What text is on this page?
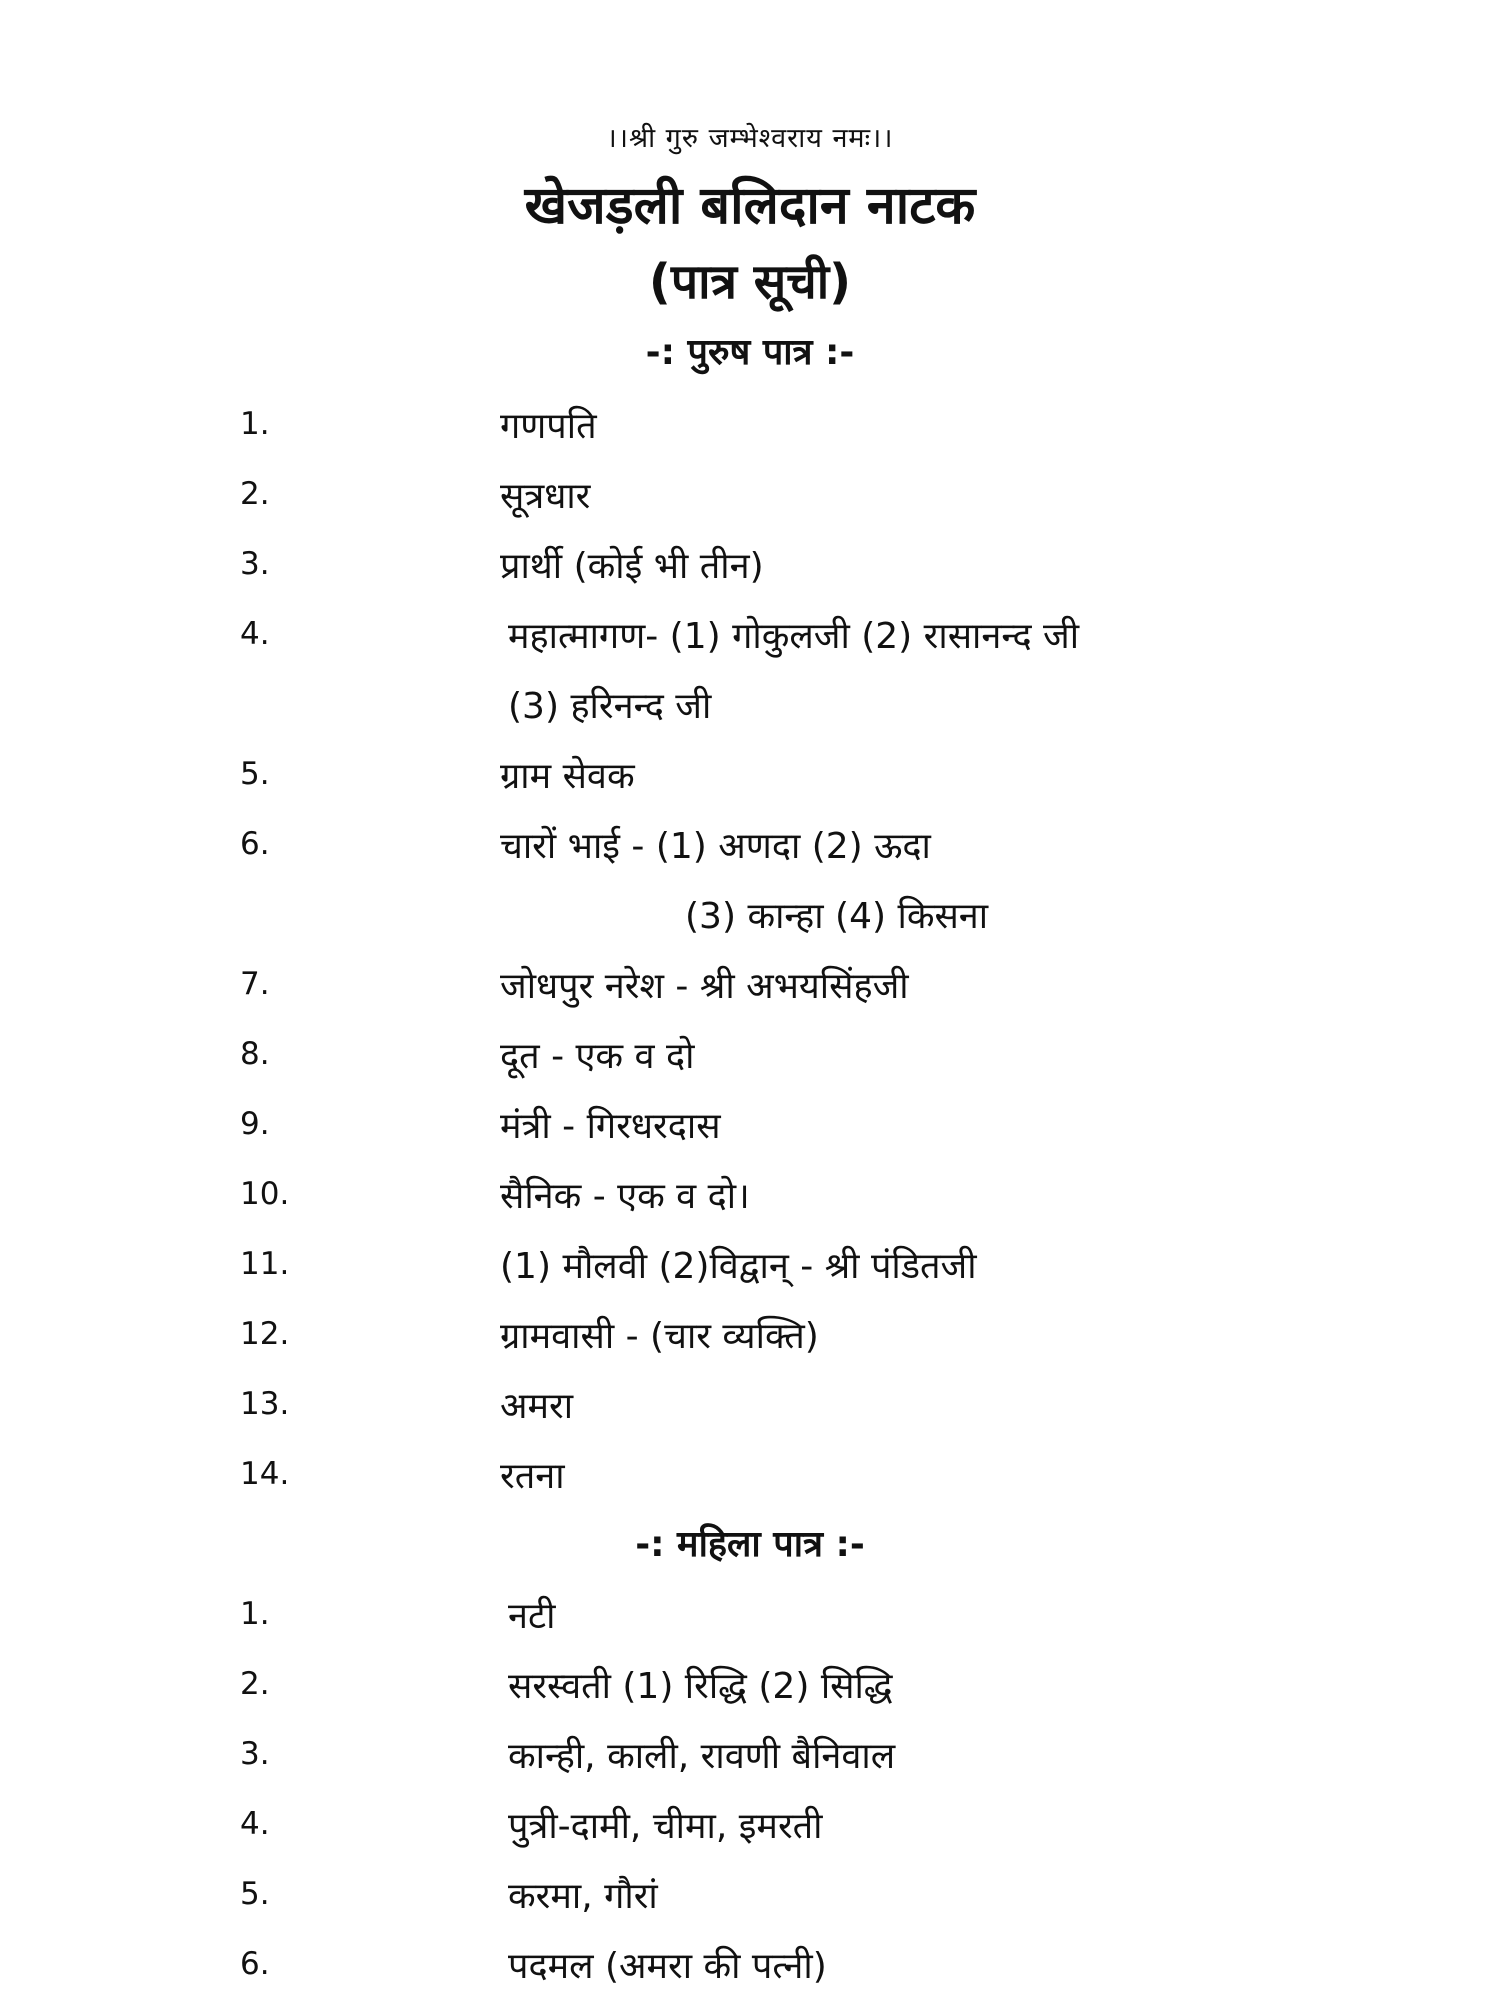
।।श्री गुरु जम्भेश्वराय नमः।।
खेजड़ली बलिदान नाटक
(पात्र सूची)
-: पुरुष पात्र :-
1.	गणपति
2.	सूत्रधार
3.	प्रार्थी (कोई भी तीन)
4.	महात्मागण- (1) गोकुलजी (2) रासानन्द जी
(3) हरिनन्द जी
5.	ग्राम सेवक
6.	चारों भाई - (1) अणदा (2) ऊदा
(3) कान्हा (4) किसना
7.	जोधपुर नरेश - श्री अभयसिंहजी
8.	दूत - एक व दो
9.	मंत्री - गिरधरदास
10.	सैनिक - एक व दो।
11.	(1) मौलवी (2)विद्वान् - श्री पंडितजी
12.	ग्रामवासी - (चार व्यक्ति)
13.	अमरा
14.	रतना
-: महिला पात्र :-
1.	नटी
2.	सरस्वती (1) रिद्धि (2) सिद्धि
3.	कान्ही, काली, रावणी बैनिवाल
4.	पुत्री-दामी, चीमा, इमरती
5.	करमा, गौरां
6.	पदमल (अमरा की पत्नी)
